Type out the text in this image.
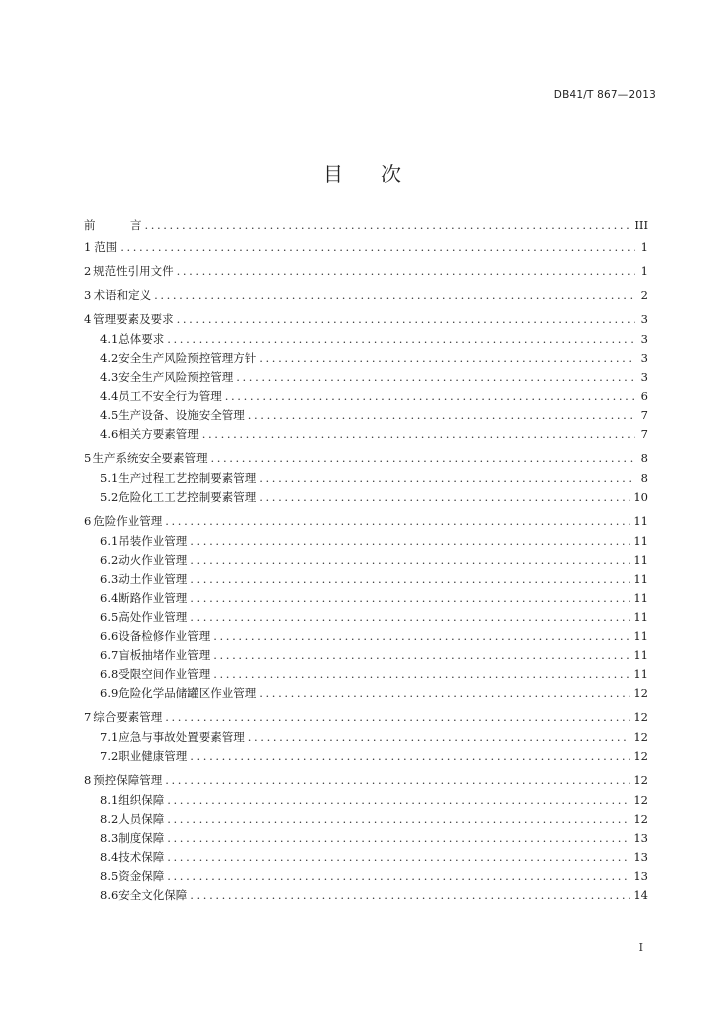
DB41/T 867—2013
目 次
前　　　言 .....	III
1 范围 .....	1
2 规范性引用文件 .....	1
3 术语和定义 .....	2
4 管理要素及要求 .....	3
4.1 总体要求 .....	3
4.2 安全生产风险预控管理方针 .....	3
4.3 安全生产风险预控管理 .....	3
4.4 员工不安全行为管理 .....	6
4.5 生产设备、设施安全管理 .....	7
4.6 相关方要素管理 .....	7
5 生产系统安全要素管理 .....	8
5.1 生产过程工艺控制要素管理 .....	8
5.2 危险化工工艺控制要素管理 .....	10
6 危险作业管理 .....	11
6.1 吊装作业管理 .....	11
6.2 动火作业管理 .....	11
6.3 动土作业管理 .....	11
6.4 断路作业管理 .....	11
6.5 高处作业管理 .....	11
6.6 设备检修作业管理 .....	11
6.7 盲板抽堵作业管理 .....	11
6.8 受限空间作业管理 .....	11
6.9 危险化学品储罐区作业管理 .....	12
7 综合要素管理 .....	12
7.1 应急与事故处置要素管理 .....	12
7.2 职业健康管理 .....	12
8 预控保障管理 .....	12
8.1 组织保障 .....	12
8.2 人员保障 .....	12
8.3 制度保障 .....	13
8.4 技术保障 .....	13
8.5 资金保障 .....	13
8.6 安全文化保障 .....	14
I
